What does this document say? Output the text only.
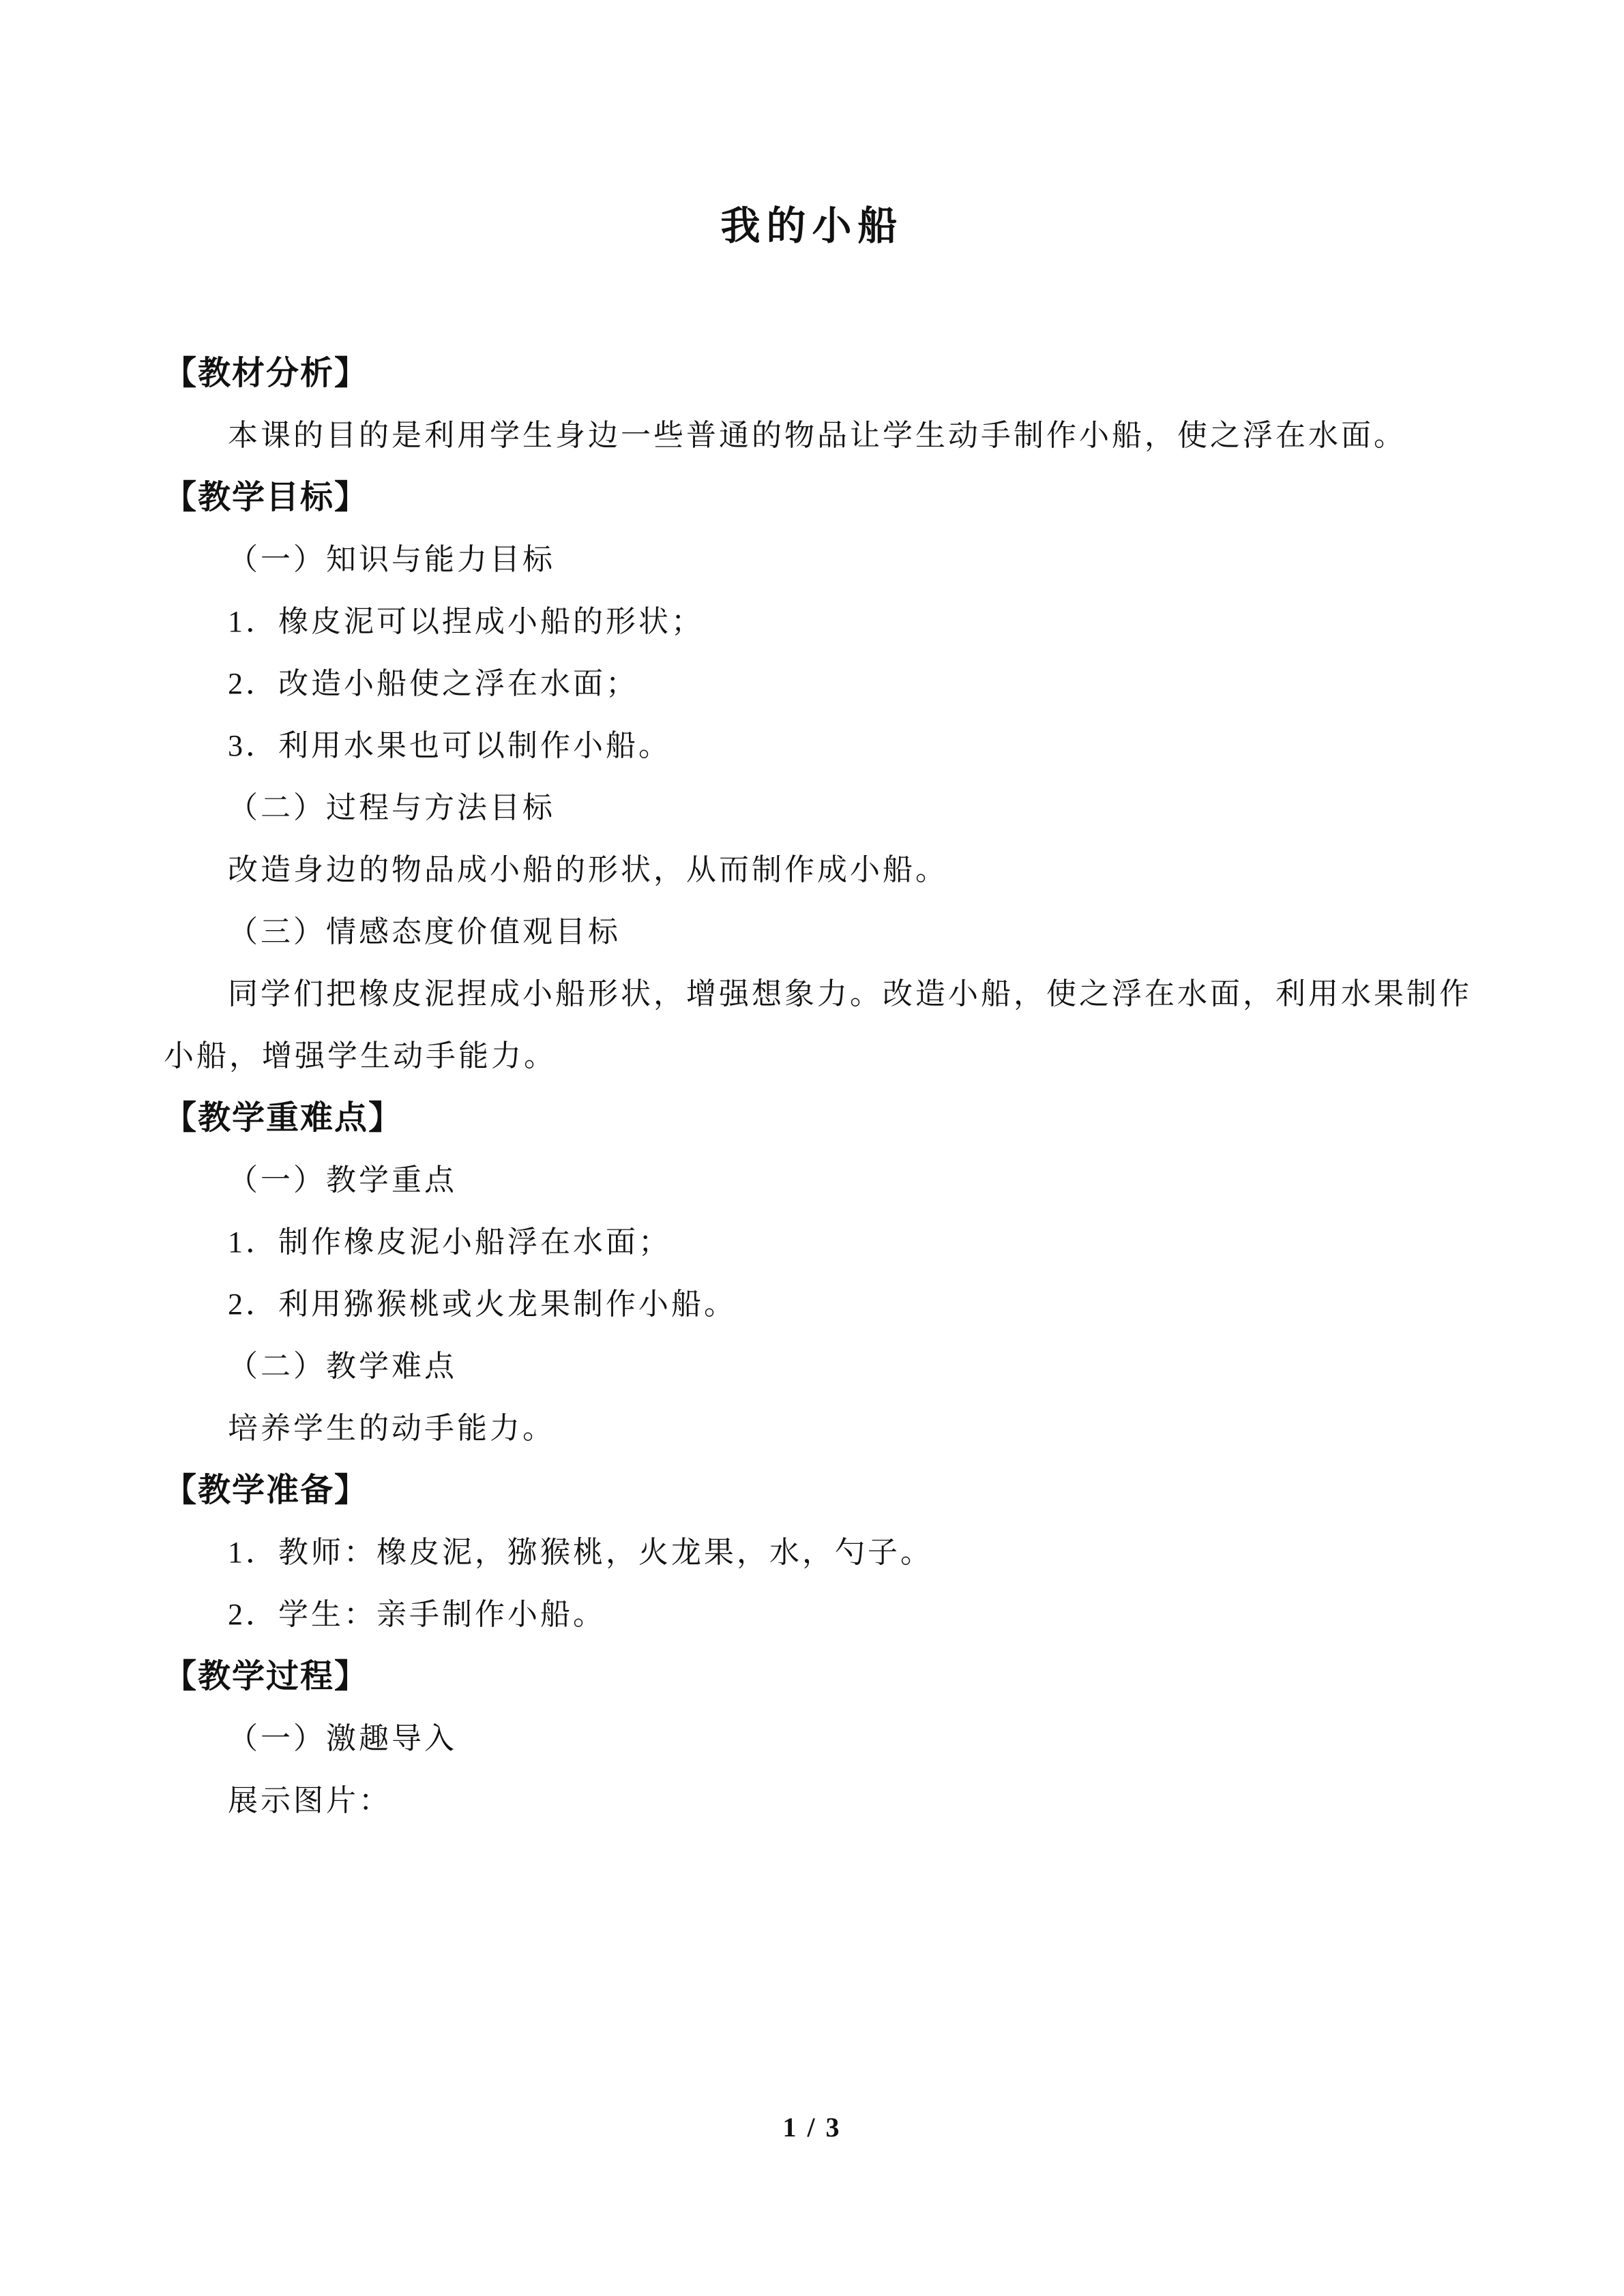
我的小船
【教材分析】
本课的目的是利用学生身边一些普通的物品让学生动手制作小船，使之浮在水面。
【教学目标】
（一）知识与能力目标
1．橡皮泥可以捏成小船的形状；
2．改造小船使之浮在水面；
3．利用水果也可以制作小船。
（二）过程与方法目标
改造身边的物品成小船的形状，从而制作成小船。
（三）情感态度价值观目标
同学们把橡皮泥捏成小船形状，增强想象力。改造小船，使之浮在水面，利用水果制作
小船，增强学生动手能力。
【教学重难点】
（一）教学重点
1．制作橡皮泥小船浮在水面；
2．利用猕猴桃或火龙果制作小船。
（二）教学难点
培养学生的动手能力。
【教学准备】
1．教师：橡皮泥，猕猴桃，火龙果，水，勺子。
2．学生：亲手制作小船。
【教学过程】
（一）激趣导入
展示图片：
1 / 3
